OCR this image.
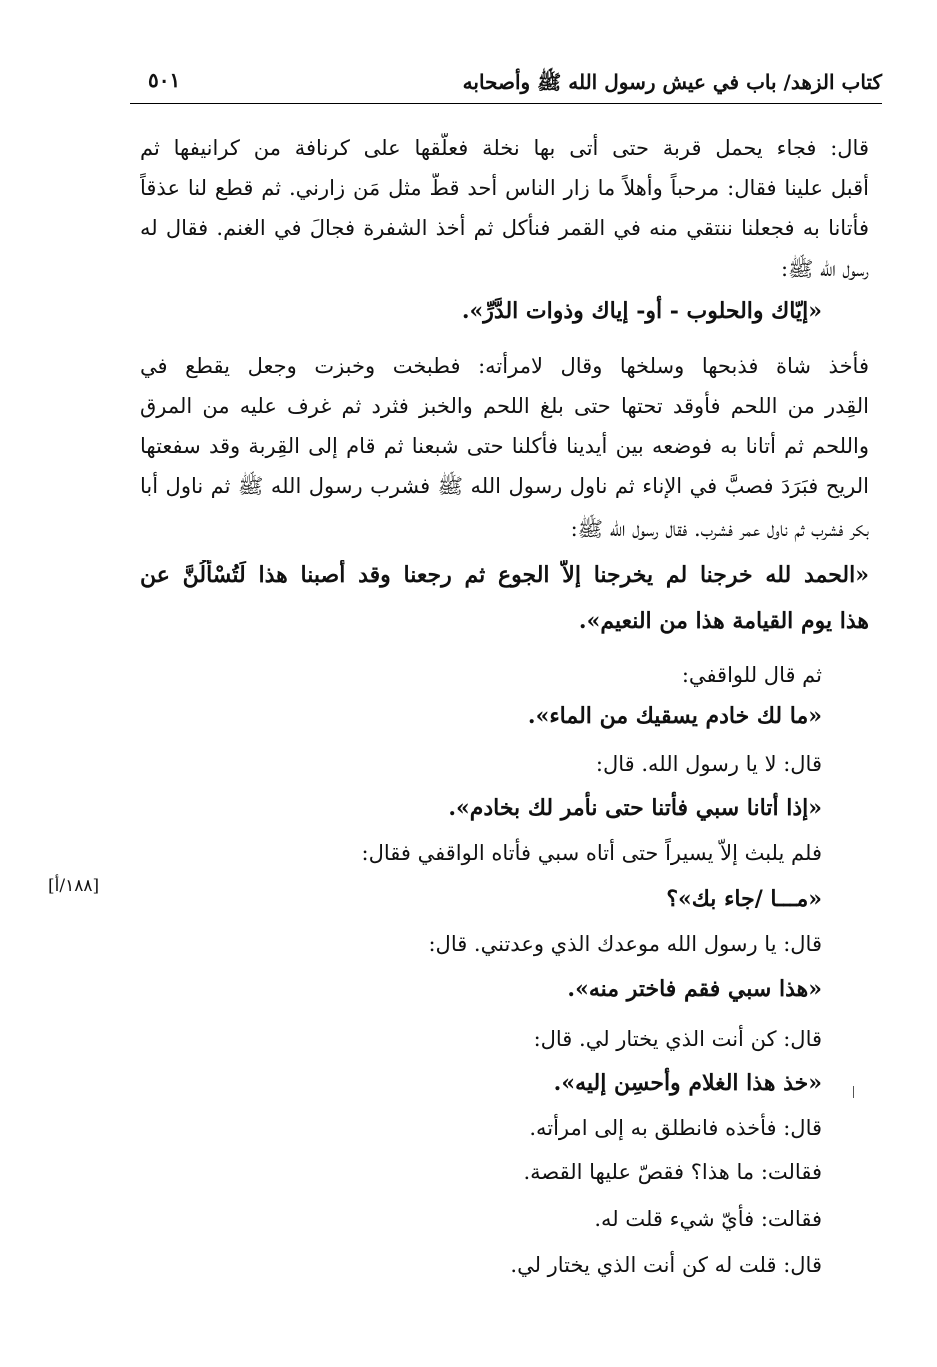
كتاب الزهد/ باب في عيش رسول الله ﷺ وأصحابه
٥٠١
[١٨٨/أ]
قال: فجاء يحمل قربة حتى أتى بها نخلة فعلّقها على كرنافة من كرانيفها ثم
أقبل علينا فقال: مرحباً وأهلاً ما زار الناس أحد قطّ مثل مَن زارني. ثم قطع لنا عذقاً
فأتانا به فجعلنا ننتقي منه في القمر فنأكل ثم أخذ الشفرة فجالَ في الغنم. فقال له
رسول الله ﷺ:
«إيّاك والحلوب - أو- إياك وذوات الدَّرِّ».
فأخذ شاة فذبحها وسلخها وقال لامرأته: فطبخت وخبزت وجعل يقطع في
القِدر من اللحم فأوقد تحتها حتى بلغ اللحم والخبز فثرد ثم غرف عليه من المرق
واللحم ثم أتانا به فوضعه بين أيدينا فأكلنا حتى شبعنا ثم قام إلى القِربة وقد سفعتها
الريح فبَرَدَ فصبَّ في الإناء ثم ناول رسول الله ﷺ فشرب رسول الله ﷺ ثم ناول أبا
بكر فشرب ثم ناول عمر فشرب. فقال رسول الله ﷺ:
«الحمد لله خرجنا لم يخرجنا إلاّ الجوع ثم رجعنا وقد أصبنا هذا لَتُسْأَلُنَّ عن
هذا يوم القيامة هذا من النعيم».
ثم قال للواقفي:
«ما لك خادم يسقيك من الماء».
قال: لا يا رسول الله. قال:
«إذا أتانا سبي فأتنا حتى نأمر لك بخادم».
فلم يلبث إلاّ يسيراً حتى أتاه سبي فأتاه الواقفي فقال:
«مـــا /جاء بك»؟
قال: يا رسول الله موعدك الذي وعدتني. قال:
«هذا سبي فقم فاختر منه».
قال: كن أنت الذي يختار لي. قال:
«خذ هذا الغلام وأحسِن إليه».
قال: فأخذه فانطلق به إلى امرأته.
فقالت: ما هذا؟ فقصّ عليها القصة.
فقالت: فأيّ شيء قلت له.
قال: قلت له كن أنت الذي يختار لي.
